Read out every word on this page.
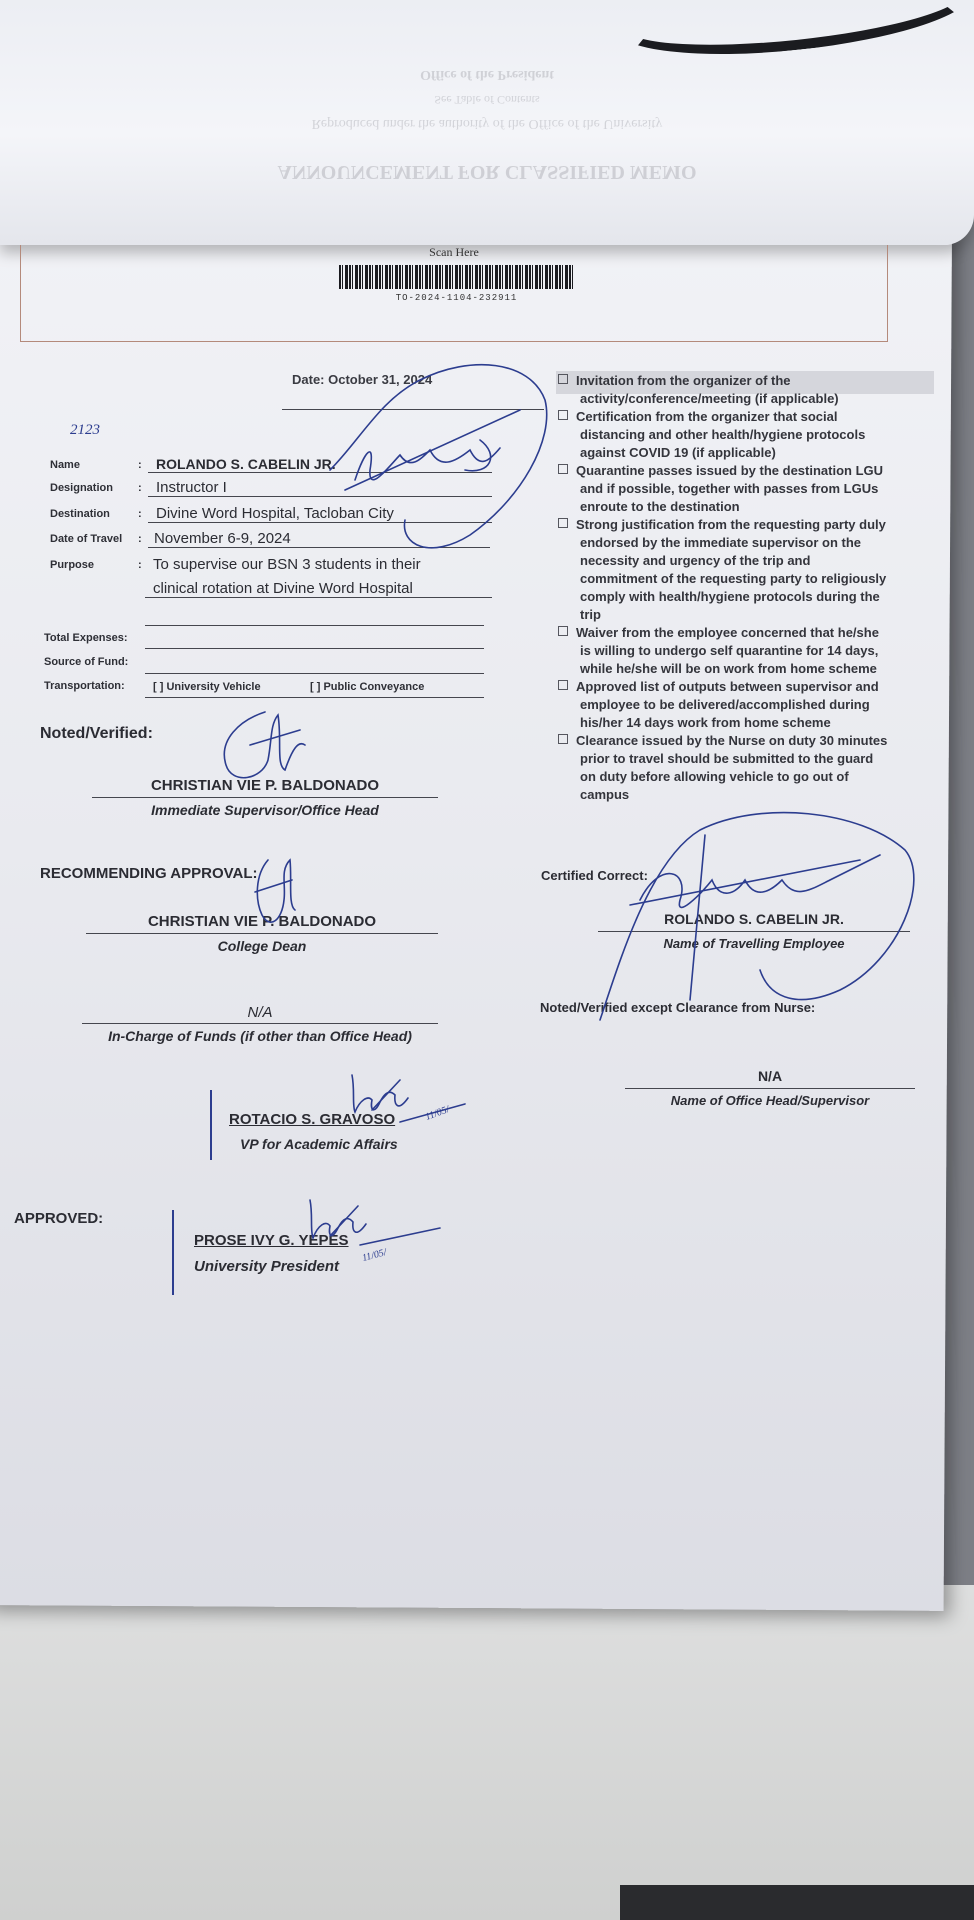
ANNOUNCEMENT FOR CLASSIFIED MEMO
Reproduced under the authority of the Office of the University
See Table of Contents
Office of the President
Scan Here
TO-2024-1104-232911
Date: October 31, 2024
2123
Name	:	ROLANDO S. CABELIN JR.
Designation : Instructor I
Destination	: Divine Word Hospital, Tacloban City
Date of Travel : November 6-9, 2024
Purpose	: To supervise our BSN 3 students in their
clinical rotation at Divine Word Hospital
Total Expenses:
Source of Fund:
Transportation:	[ ] University Vehicle	[ ] Public Conveyance
Noted/Verified:
CHRISTIAN VIE P. BALDONADO
Immediate Supervisor/Office Head
RECOMMENDING APPROVAL:
CHRISTIAN VIE P. BALDONADO
College Dean
N/A
In-Charge of Funds (if other than Office Head)
ROTACIO S. GRAVOSO
VP for Academic Affairs
APPROVED:
PROSE IVY G. YEPES
University President
Invitation from the organizer of the
activity/conference/meeting (if applicable)
Certification from the organizer that social
distancing and other health/hygiene protocols
against COVID 19 (if applicable)
Quarantine passes issued by the destination LGU
and if possible, together with passes from LGUs
enroute to the destination
Strong justification from the requesting party duly
endorsed by the immediate supervisor on the
necessity and urgency of the trip and
commitment of the requesting party to religiously
comply with health/hygiene protocols during the
trip
Waiver from the employee concerned that he/she
is willing to undergo self quarantine for 14 days,
while he/she will be on work from home scheme
Approved list of outputs between supervisor and
employee to be delivered/accomplished during
his/her 14 days work from home scheme
Clearance issued by the Nurse on duty 30 minutes
prior to travel should be submitted to the guard
on duty before allowing vehicle to go out of
campus
Certified Correct:
ROLANDO S. CABELIN JR.
Name of Travelling Employee
Noted/Verified except Clearance from Nurse:
N/A
Name of Office Head/Supervisor
11/05/
11/05/
